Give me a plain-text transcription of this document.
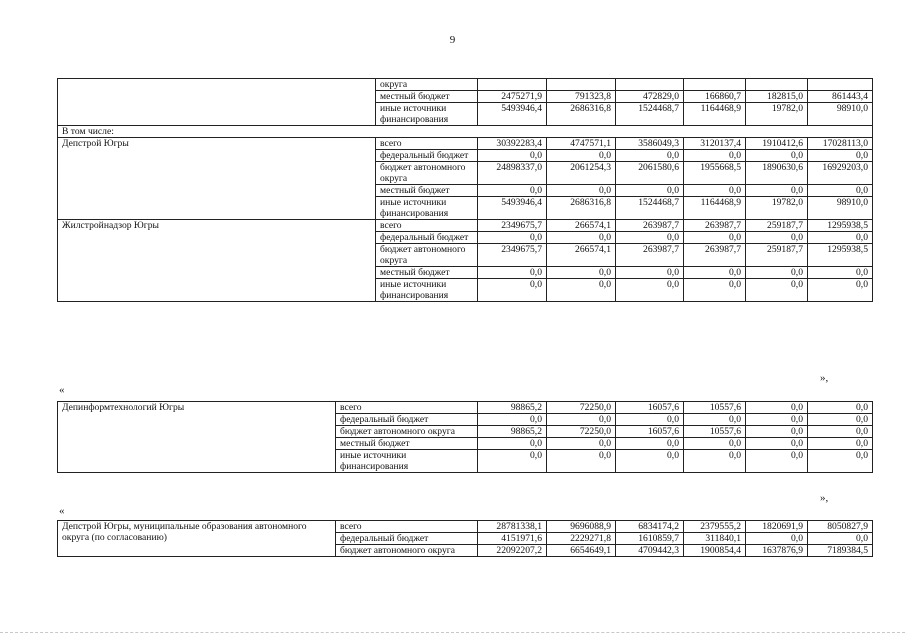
9
	округа						
	местный бюджет	2475271,9	791323,8	472829,0	166860,7	182815,0	861443,4
	иные источники финансирования	5493946,4	2686316,8	1524468,7	1164468,9	19782,0	98910,0
В том числе:							
Депстрой Югры	всего	30392283,4	4747571,1	3586049,3	3120137,4	1910412,6	17028113,0
	федеральный бюджет	0,0	0,0	0,0	0,0	0,0	0,0
	бюджет автономного округа	24898337,0	2061254,3	2061580,6	1955668,5	1890630,6	16929203,0
	местный бюджет	0,0	0,0	0,0	0,0	0,0	0,0
	иные источники финансирования	5493946,4	2686316,8	1524468,7	1164468,9	19782,0	98910,0
Жилстройнадзор Югры	всего	2349675,7	266574,1	263987,7	263987,7	259187,7	1295938,5
	федеральный бюджет	0,0	0,0	0,0	0,0	0,0	0,0
	бюджет автономного округа	2349675,7	266574,1	263987,7	263987,7	259187,7	1295938,5
	местный бюджет	0,0	0,0	0,0	0,0	0,0	0,0
	иные источники финансирования	0,0	0,0	0,0	0,0	0,0	0,0
»,
«
Депинформтехнологий Югры	всего	98865,2	72250,0	16057,6	10557,6	0,0	0,0
	федеральный бюджет	0,0	0,0	0,0	0,0	0,0	0,0
	бюджет автономного округа	98865,2	72250,0	16057,6	10557,6	0,0	0,0
	местный бюджет	0,0	0,0	0,0	0,0	0,0	0,0
	иные источники финансирования	0,0	0,0	0,0	0,0	0,0	0,0
»,
«
Депстрой Югры, муниципальные образования автономного округа (по согласованию)	всего	28781338,1	9696088,9	6834174,2	2379555,2	1820691,9	8050827,9
	федеральный бюджет	4151971,6	2229271,8	1610859,7	311840,1	0,0	0,0
	бюджет автономного округа	22092207,2	6654649,1	4709442,3	1900854,4	1637876,9	7189384,5
